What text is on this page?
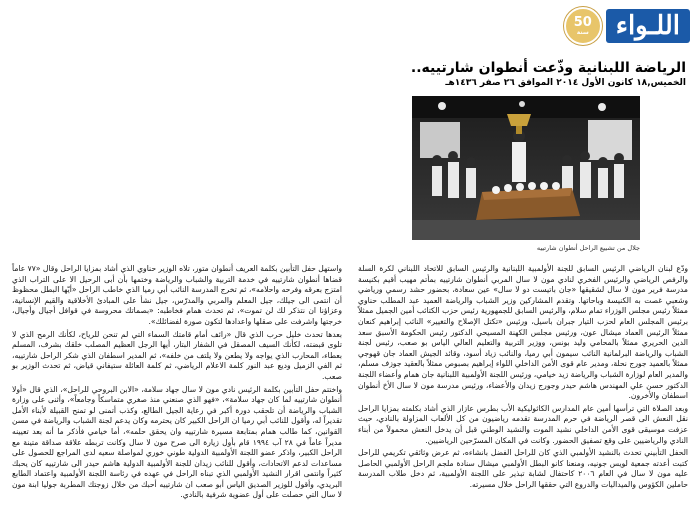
50
سنة	اللـواء
الرياضة اللبنانية وذّعت أنطوان شارتييه..
الخميس,١٨ كانون الأول ٢٠١٤ الموافق ٢٦ صفر ١٤٣٦هـ
جلال من تشييع الراحل أنطوان شارتييه

ودّع لبنان الرياضي الرئيس السابق للجنة الأولمبية اللبنانية والرئيس السابق للاتحاد اللبناني لكرة السلة والرفص الرياضي والرئيس الفخري لنادي مون لا سال المربي أنطوان شارتييه بمأتم مهيب أقيم بكنيسة مدرسة فرير مون لا سال لشقيقها «جان باتيست دو لا سال» عين سعادة، بحضور حشد رسمي ورياضي وشعبي غصت به الكنيسة وباحاتها. وتقدم المشاركين وزير الشباب والرياضة العميد عبد المطلب حناوي ممثلاً رئيس مجلس الوزراء تمام سلام، والرئيس السابق للجمهورية رئيس حزب الكتائب أمين الجميل ممثلاً برئيس المجلس العام لحزب التيار جبران باسيل، ورئيس «تكتل الإصلاح والتغيير» النائب إبراهيم كنعان ممثلاً الرئيس العماد ميشال عون، ورئيس مجلس الكهنة المسيحي الدكتور رئيس الحكومة الأسبق سعد الدين الحريري ممثلاً بالمحامي وليد بونس، ووزير التربية والتعليم العالي الياس بو صعب، رئيس لجنة الشباب والرياضة البرلمانية النائب سيمون أبي رميا، والنائب زياد أسود، وقائد الجيش العماد جان قهوجي ممثلاً بالعميد جورج نحلة، ومدير عام قوى الأمن الداخلي اللواء إبراهيم بصبوص ممثلاً بالعقيد جوزف مسلم، والمدير العام لوزارة الشباب والرياضة زيد خيامي، ورئيس اللجنة الأولمبية اللبنانية جان همام وأعضاء اللجنة الدكتور حسن علي المهندس هاشم حيدر وجورج زيدان والأعضاء، ورئيس مدرسة مون لا سال الأخ أنطوان اسطفان والأخرون.

وبعد الصلاة التي ترأسها أمين عام المدارس الكاثوليكية الأب بطرس عازار الذي أشاد بكلمته بمزايا الراحل نقل النعش الى قصر الرياضة في حرم المدرسة تقدمه رياضيون من كل الألعاب المزاولة بالنادي، حيث عزفت موسيقى قوى الأمن الداخلي نشيد الموت والنشيد الوطني قبل أن يدخل النعش محمولاً من أبناء النادي والرياضيين على وقع تصفيق الحضور. وكانت في المكان المسرّحين الرياضيين.

الحفل التأبيني تحدث بالنشيد الأولمبي الذي كان للراحل الفضل بانشاءه، ثم عرض وثائقي تكريمي للراحل كتبت أعدته جمعية لويس جونيه، ومنعنا كانو البطل الأولمبي ميشال سنادة ملجم الراحل الأولمبي الحاصل عليه مون لا سال في العام ٢٠٠٦ كاحتفال لشابة تبذير على اللجنة الأولمبية، ثم دخل طلاب المدرسة حاملين الكؤوس والميداليات والدروع التي حققها الراحل خلال مسيرته.

واستهل حفل التأبين بكلمة العريف أنطوان متور، تلاه الوزير حناوي الذي أشاد بمزايا الراحل وقال «٧٧ عاماً قضاها أنطوان شارتييه في خدمة التربية والشباب والرياضة وختمها بأن أبى الرحيل الا على التراب الذي امتزج بعرقه وفرحه واحلامه»، ثم تخرج المدرسة النائب أبي رميا الذي خاطب الراحل «أيّها البطل محظوظ أن انتمى الى جيلك، جيل المعلم والمربي والمدرّس، جيل نشأ على المبادئ الأخلاقية والقيم الإنسانية، وعزاؤنا ان نتذكر لك لن تموت»، ثم تحدث همام فخاطبه: «بصماتك محروسة في قوافل أجيال وأجيال، خرجتها واشرفت على صقلها واعدادها لتكون صورة لفضائلك».

بعدها تحدث خليل حرب الذي قال «رائف أمام قامتك السماء التي لم تنحن للرياح، لكأنك الرمح الذي لا تلوى قبضته، لكأنك السيف المصقل في الشفار البتار، أيها الرجل العظيم المصلب خلقك بشرف، المسلم بعطاء، المحارب الذي يواجه ولا يطعن ولا يلتف من خلفه»، ثم المدير اسطفان الذي شكر الراحل شارتييه، ثم الفي الزميل وديع عبد النور كلمة الاعلام الرياضي، ثم كلمة العائلة ستيفاني قياض، ثم تحدث الوزير بو صعب.

واختتم حفل التأبين بكلمة الرئيس نادي مون لا سال جهاد سلامة، «الابن البروحي للراحل»، الذي قال «أولا أنطوان شارتييه لما كان جهاد سلامة»، «فهو الذي صنعني منذ صغري متماسكاً وجامعاً»، وأثنى على وزارة الشباب والرياضة أن تلحقب دورة أكبر في رعاية الجيل الطالع، وكذب أتمنى لو تمنح القبيلة لأبناء الأمل تقديراً له، وأقول للنائب أبي رميا ان الراحل الكبير كان يحترمه وكان يدعم لجنة الشباب والرياضة في مسن القوانين، كما طالب همام بمتابعة مسيرة شارتييه وان يحقق حلمه»، أما خيامي فأذكر ما أنه بعد تعيينه مديراً عاماً في ٢٨ آب ١٩٩٤ قام بأول زيارة الى صرح مون لا سال وكانت تربطه علاقة صداقة متينة مع الراحل الكبير، واذكر عضو اللجنة الأولمبية الدولية طوني خوري لمواصلة سعيه لدى المراجع للحصول على مساعدات لدعم الاتحادات، وأقول للنائب زيدان للجنة الأولمبية الدولية هاشم حيدر الى شارتييه كان يحبك كثيراً وانتمى اقرار النشيد الأولمبي الذي تبناه الراحل في عهده في رئاسة اللجنة الأولمبية واعتماد الطابع البريدي، وأقول للوزير الصديق الياس أبو صعب ان شارتييه أحبك من خلال زوجتك المطربة جوليا ابنة مون لا سال التي حصلت على أول عضوية شرفية بالنادي.
